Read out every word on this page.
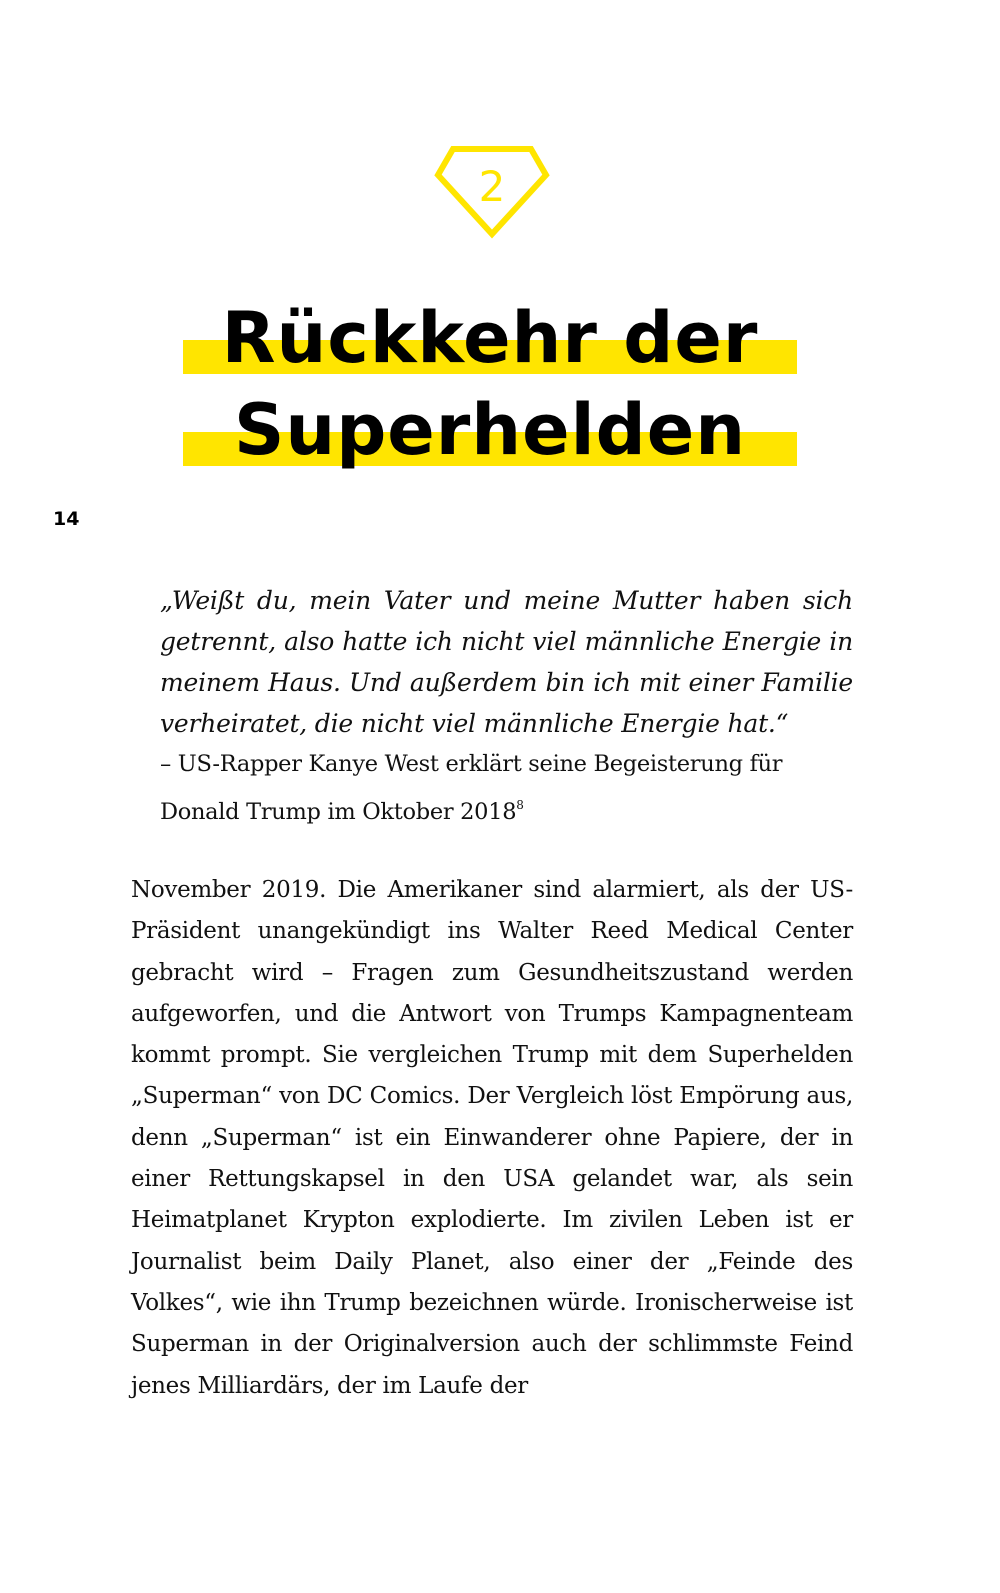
2
Rückkehr der
Superhelden
14

„Weißt du, mein Vater und meine Mutter haben sich getrennt, also hatte ich nicht viel männliche Energie in meinem Haus. Und außerdem bin ich mit einer Familie verheiratet, die nicht viel männliche Energie hat.“

– US-Rapper Kanye West erklärt seine Begeisterung für Donald Trump im Oktober 2018$^8$

November 2019. Die Amerikaner sind alarmiert, als der US-Präsident unangekündigt ins Walter Reed Medical Center gebracht wird – Fragen zum Gesundheitszustand werden aufgeworfen, und die Antwort von Trumps Kampagnenteam kommt prompt. Sie vergleichen Trump mit dem Superhelden „Superman“ von DC Comics. Der Vergleich löst Empörung aus, denn „Superman“ ist ein Einwanderer ohne Papiere, der in einer Rettungskapsel in den USA gelandet war, als sein Heimatplanet Krypton explodierte. Im zivilen Leben ist er Journalist beim Daily Planet, also einer der „Feinde des Volkes“, wie ihn Trump bezeichnen würde. Ironischerweise ist Superman in der Originalversion auch der schlimmste Feind jenes Milliardärs, der im Laufe der
